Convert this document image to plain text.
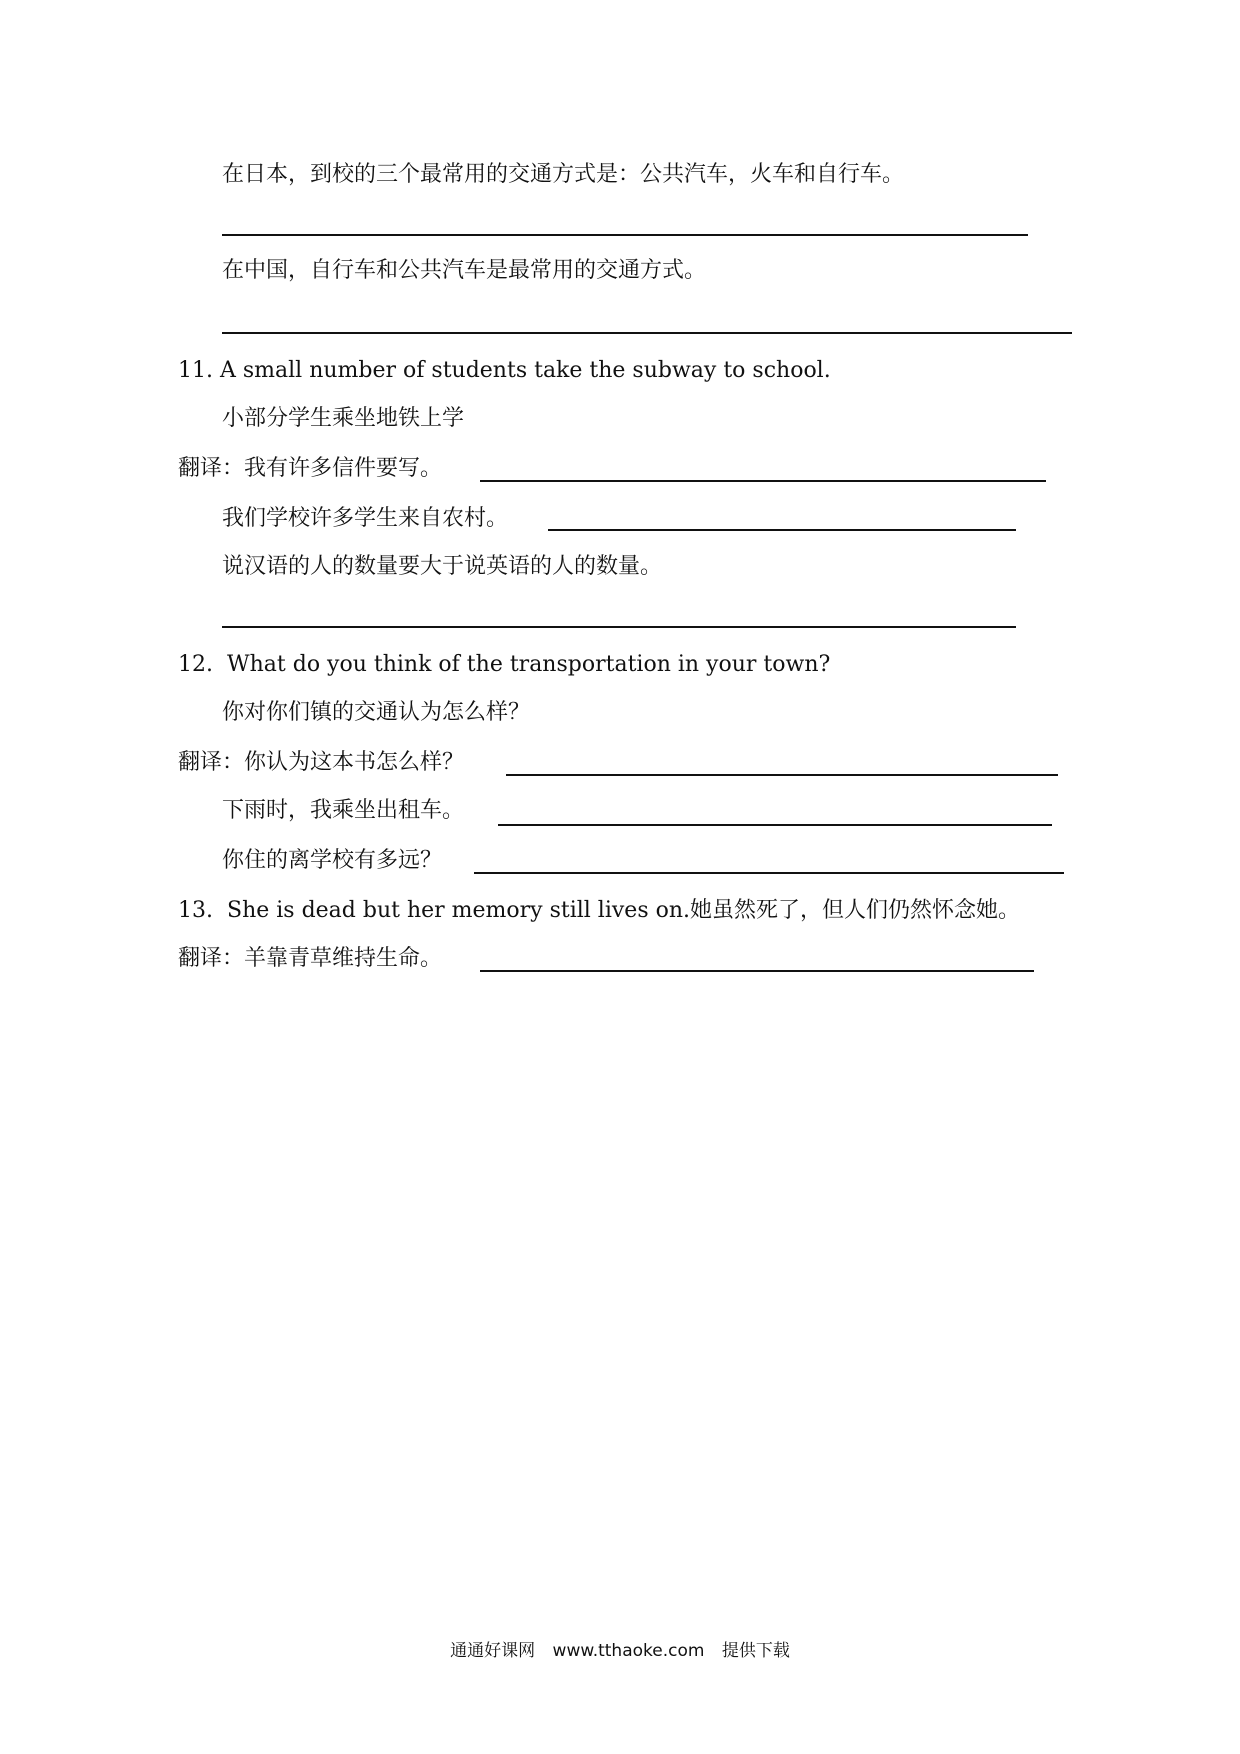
在日本，到校的三个最常用的交通方式是：公共汽车，火车和自行车。
在中国，自行车和公共汽车是最常用的交通方式。
11. A small number of students take the subway to school.
小部分学生乘坐地铁上学
翻译：我有许多信件要写。
我们学校许多学生来自农村。
说汉语的人的数量要大于说英语的人的数量。
12. What do you think of the transportation in your town?
你对你们镇的交通认为怎么样？
翻译：你认为这本书怎么样？
下雨时，我乘坐出租车。
你住的离学校有多远？
13. She is dead but her memory still lives on.她虽然死了，但人们仍然怀念她。
翻译：羊靠青草维持生命。
通通好课网 www.tthaoke.com 提供下载
